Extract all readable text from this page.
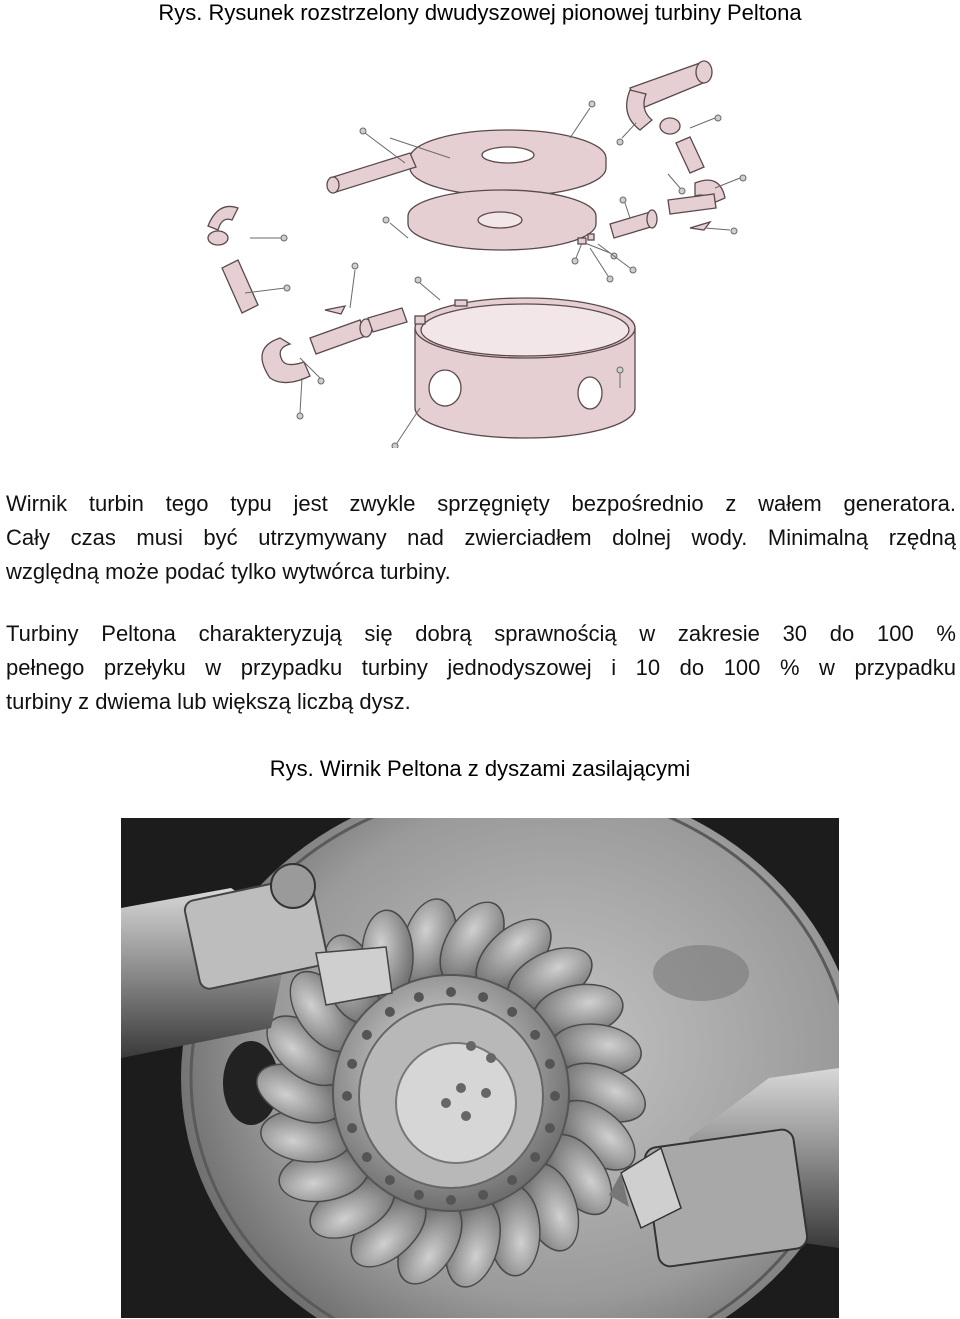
Rys. Rysunek rozstrzelony dwudyszowej pionowej turbiny Peltona
Wirnik turbin tego typu jest zwykle sprzęgnięty bezpośrednio z wałem generatora.
Cały czas musi być utrzymywany nad zwierciadłem dolnej wody. Minimalną rzędną
względną może podać tylko wytwórca turbiny.
Turbiny Peltona charakteryzują się dobrą sprawnością w zakresie 30 do 100 %
pełnego przełyku w przypadku turbiny jednodyszowej i 10 do 100 % w przypadku
turbiny z dwiema lub większą liczbą dysz.
Rys. Wirnik Peltona z dyszami zasilającymi
